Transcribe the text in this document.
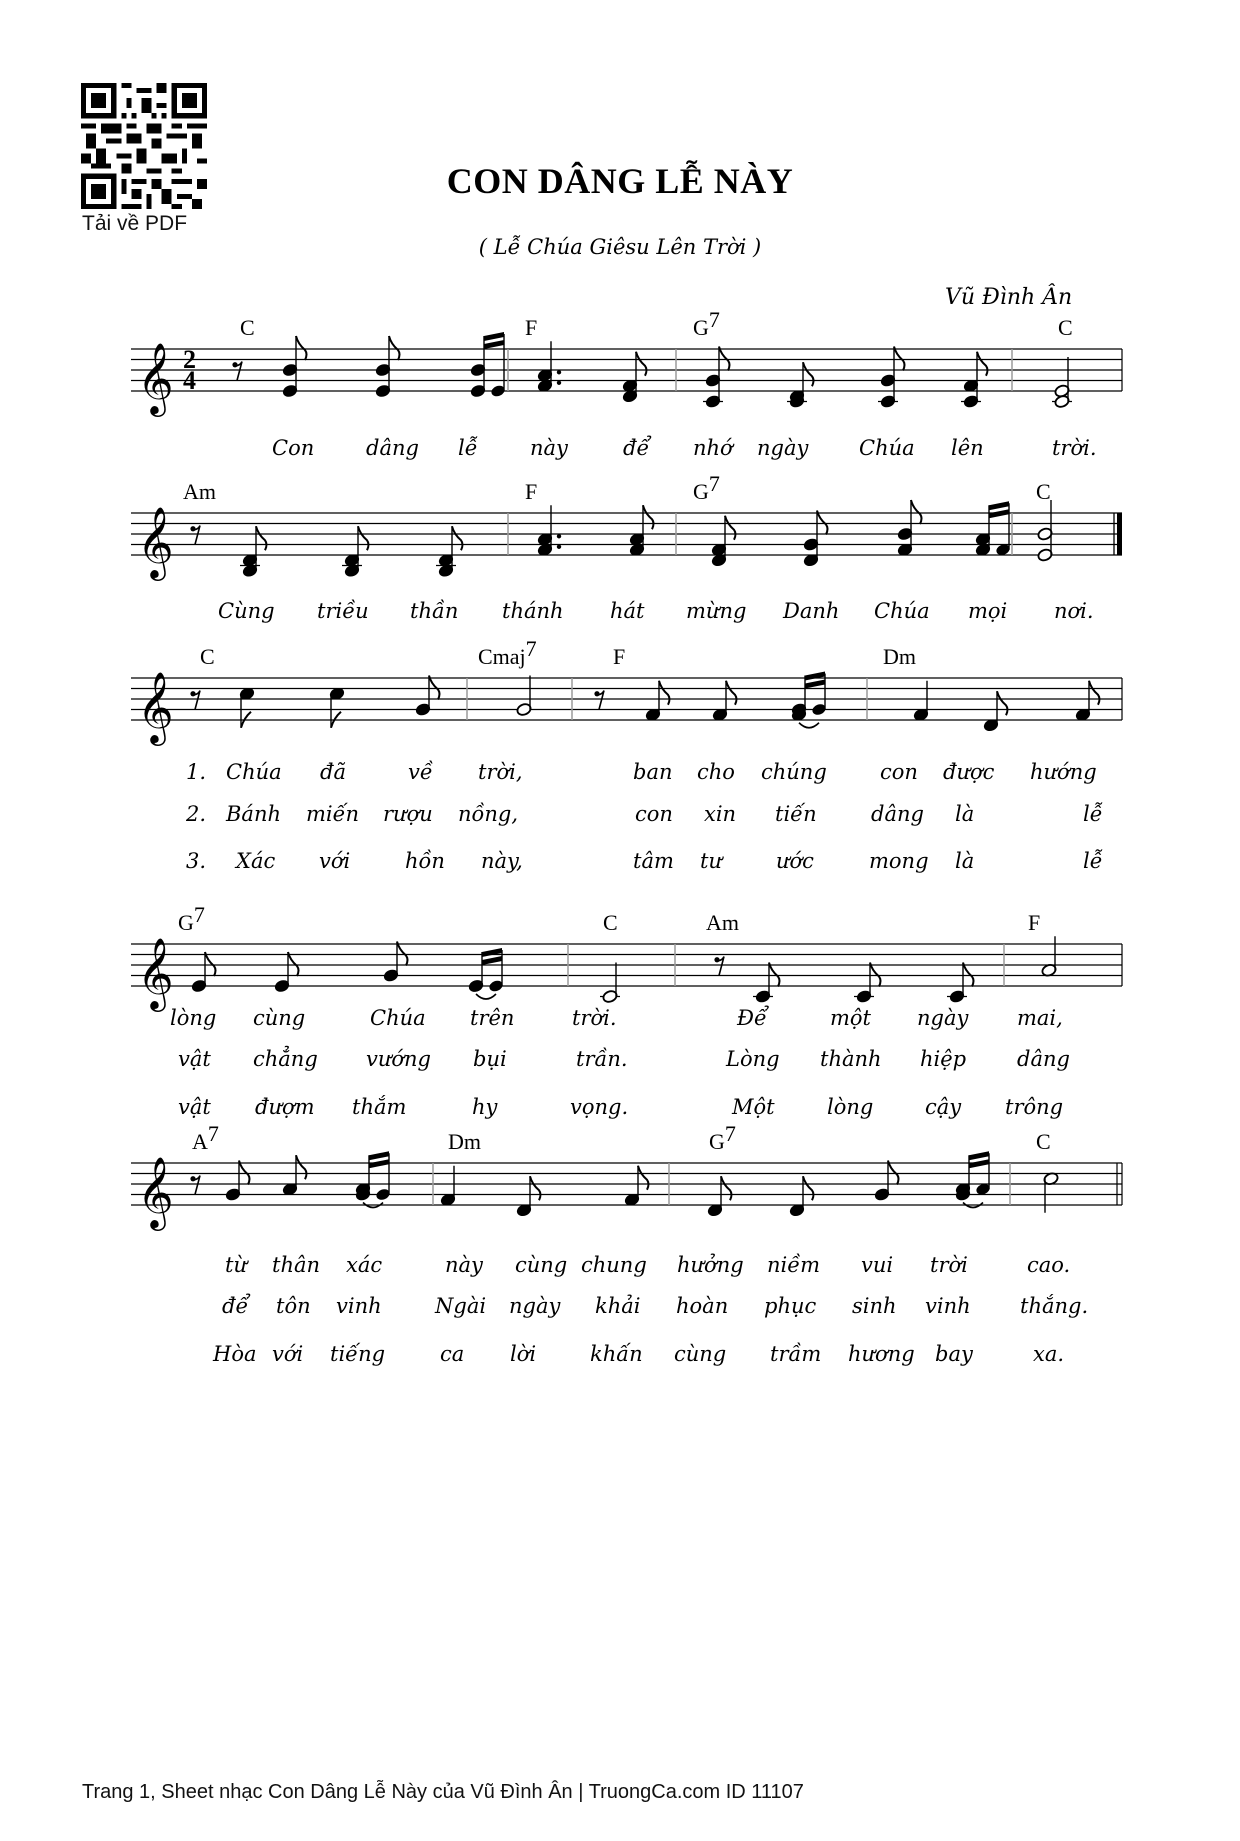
Tải về PDF
CON DÂNG LỄ NÀY
( Lễ Chúa Giêsu Lên Trời )
Vũ Đình Ân
𝄞 2
4
C	F	G7	C
Con dâng lễ này	để nhớ ngày Chúa lên	trời.
𝄞
Am	F	G7	C
Cùng triều thần thánh hát mừng Danh Chúa mọi nơi.
𝄞
C	Cmaj7	F	Dm
1. Chúa đã	về trời,	ban cho chúng	con được hướng
2. Bánh miến rượu nồng,	con xin tiến	dâng là	lễ
3. Xác với	hồn này,	tâm tư	ước	mong là	lễ
𝄞
G7	C	Am	F
lòng cùng	Chúa trên	trời.	Để	một ngày mai,
vật chẳng vướng bụi	trần.	Lòng thành hiệp dâng
vật đượm thắm	hy	vọng.	Một lòng cậy trông
𝄞
A7	Dm	G7	C
từ thân xác	này cùng chung hưởng niềm vui trời	cao.
để tôn vinh	Ngài ngày khải hoàn phục sinh vinh thắng.
Hòa với tiếng	ca lời	khấn cùng trầm hương bay	xa.
Trang 1, Sheet nhạc Con Dâng Lễ Này của Vũ Đình Ân | TruongCa.com ID 11107
